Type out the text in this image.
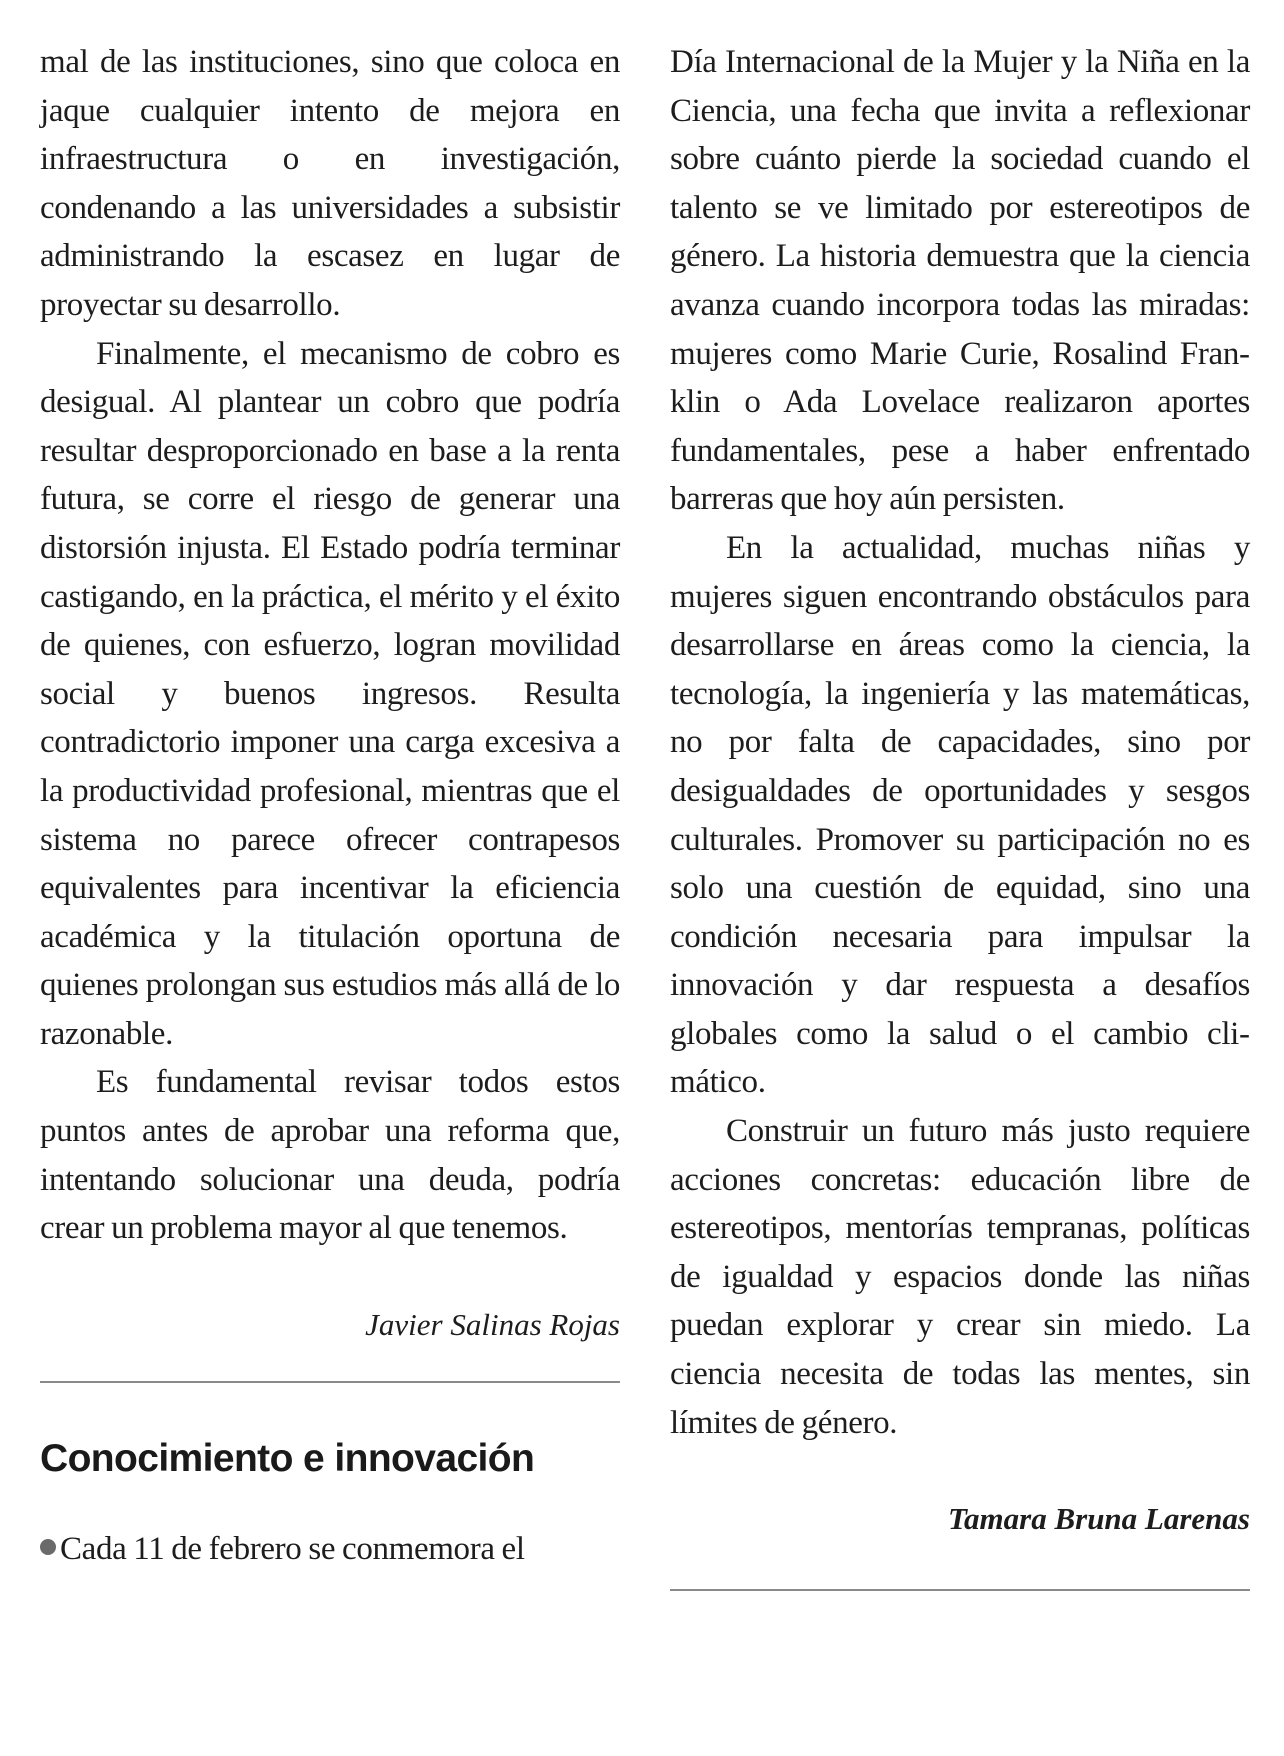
mal de las instituciones, sino que coloca en jaque cualquier intento de mejora en infraestructura o en investigación, condenando a las universidades a subsistir administrando la escasez en lugar de proyectar su desarrollo.

Finalmente, el mecanismo de cobro es desigual. Al plantear un cobro que podría resultar desproporcionado en base a la renta futura, se corre el riesgo de generar una distorsión injusta. El Estado podría terminar castigando, en la práctica, el mérito y el éxito de quienes, con esfuerzo, logran movilidad social y buenos ingresos. Resulta contradictorio imponer una carga excesiva a la productividad profesional, mientras que el sistema no parece ofrecer contrapesos equivalentes para incentivar la eficiencia académica y la titulación oportuna de quienes prolongan sus estudios más allá de lo razonable.

Es fundamental revisar todos estos puntos antes de aprobar una reforma que, intentando solucionar una deuda, podría crear un problema mayor al que tenemos.

Javier Salinas Rojas

Conocimiento e innovación

Cada 11 de febrero se conmemora el

Día Internacional de la Mujer y la Niña en la Ciencia, una fecha que invita a reflexionar sobre cuánto pierde la sociedad cuando el talento se ve limitado por estereotipos de género. La historia demuestra que la ciencia avanza cuando incorpora todas las miradas: mujeres como Marie Curie, Rosalind Franklin o Ada Lovelace realizaron aportes fundamentales, pese a haber enfrentado barreras que hoy aún persisten.

En la actualidad, muchas niñas y mujeres siguen encontrando obstáculos para desarrollarse en áreas como la ciencia, la tecnología, la ingeniería y las matemáticas, no por falta de capacidades, sino por desigualdades de oportunidades y sesgos culturales. Promover su participación no es solo una cuestión de equidad, sino una condición necesaria para impulsar la innovación y dar respuesta a desafíos globales como la salud o el cambio climático.

Construir un futuro más justo requiere acciones concretas: educación libre de estereotipos, mentorías tempranas, políticas de igualdad y espacios donde las niñas puedan explorar y crear sin miedo. La ciencia necesita de todas las mentes, sin límites de género.

Tamara Bruna Larenas
